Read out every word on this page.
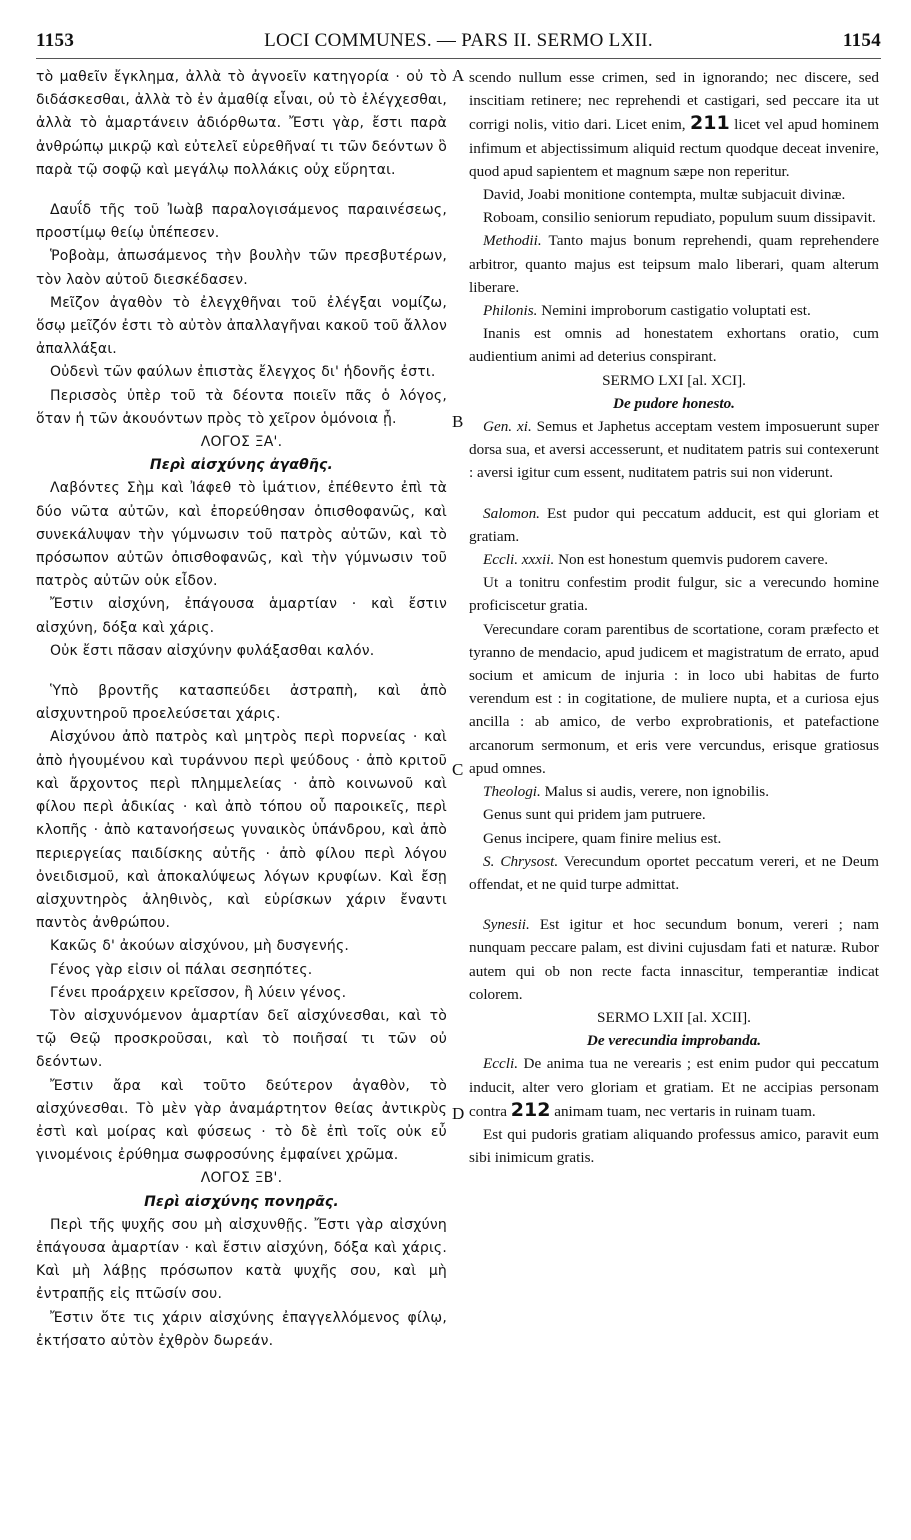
1153	LOCI COMMUNES. — PARS II. SERMO LXII.	1154
A
B
C
D

τὸ μαθεῖν ἔγκλημα, ἀλλὰ τὸ ἀγνοεῖν κατηγορία · οὐ τὸ διδάσκεσθαι, ἀλλὰ τὸ ἐν ἀμαθίᾳ εἶναι, οὐ τὸ ἐλέγχεσθαι, ἀλλὰ τὸ ἁμαρτάνειν ἀδιόρθωτα. Ἔστι γὰρ, ἔστι παρὰ ἀνθρώπῳ μικρῷ καὶ εὐτελεῖ εὑρεθῆναί τι τῶν δεόντων ὃ παρὰ τῷ σοφῷ καὶ μεγάλῳ πολλάκις οὐχ εὕρηται.

Δαυΐδ τῆς τοῦ Ἰωὰβ παραλογισάμενος παραινέσεως, προστίμῳ θείῳ ὑπέπεσεν.

Ῥοβοὰμ, ἀπωσάμενος τὴν βουλὴν τῶν πρεσβυτέρων, τὸν λαὸν αὐτοῦ διεσκέδασεν.

Μεῖζον ἀγαθὸν τὸ ἐλεγχθῆναι τοῦ ἐλέγξαι νομίζω, ὅσῳ μεῖζόν ἐστι τὸ αὐτὸν ἀπαλλαγῆναι κακοῦ τοῦ ἄλλον ἀπαλλάξαι.

Οὐδενὶ τῶν φαύλων ἐπιστὰς ἔλεγχος δι' ἡδονῆς ἐστι.

Περισσὸς ὑπὲρ τοῦ τὰ δέοντα ποιεῖν πᾶς ὁ λόγος, ὅταν ἡ τῶν ἀκουόντων πρὸς τὸ χεῖρον ὁμόνοια ᾖ.

ΛΟΓΟΣ ΞΑ'.

Περὶ αἰσχύνης ἀγαθῆς.

Λαβόντες Σὴμ καὶ Ἰάφεθ τὸ ἱμάτιον, ἐπέθεντο ἐπὶ τὰ δύο νῶτα αὐτῶν, καὶ ἐπορεύθησαν ὀπισθοφανῶς, καὶ συνεκάλυψαν τὴν γύμνωσιν τοῦ πατρὸς αὐτῶν, καὶ τὸ πρόσωπον αὐτῶν ὀπισθοφανῶς, καὶ τὴν γύμνωσιν τοῦ πατρὸς αὐτῶν οὐκ εἶδον.

Ἔστιν αἰσχύνη, ἐπάγουσα ἁμαρτίαν · καὶ ἔστιν αἰσχύνη, δόξα καὶ χάρις.

Οὐκ ἔστι πᾶσαν αἰσχύνην φυλάξασθαι καλόν.

Ὑπὸ βροντῆς κατασπεύδει ἀστραπὴ, καὶ ἀπὸ αἰσχυντηροῦ προελεύσεται χάρις.

Αἰσχύνου ἀπὸ πατρὸς καὶ μητρὸς περὶ πορνείας · καὶ ἀπὸ ἡγουμένου καὶ τυράννου περὶ ψεύδους · ἀπὸ κριτοῦ καὶ ἄρχοντος περὶ πλημμελείας · ἀπὸ κοινωνοῦ καὶ φίλου περὶ ἀδικίας · καὶ ἀπὸ τόπου οὗ παροικεῖς, περὶ κλοπῆς · ἀπὸ κατανοήσεως γυναικὸς ὑπάνδρου, καὶ ἀπὸ περιεργείας παιδίσκης αὐτῆς · ἀπὸ φίλου περὶ λόγου ὀνειδισμοῦ, καὶ ἀποκαλύψεως λόγων κρυφίων. Καὶ ἔσῃ αἰσχυντηρὸς ἀληθινὸς, καὶ εὑρίσκων χάριν ἔναντι παντὸς ἀνθρώπου.

Κακῶς δ' ἀκούων αἰσχύνου, μὴ δυσγενής.

Γένος γὰρ εἰσιν οἱ πάλαι σεσηπότες.

Γένει προάρχειν κρεῖσσον, ἢ λύειν γένος.

Τὸν αἰσχυνόμενον ἁμαρτίαν δεῖ αἰσχύνεσθαι, καὶ τὸ τῷ Θεῷ προσκροῦσαι, καὶ τὸ ποιῆσαί τι τῶν οὐ δεόντων.

Ἔστιν ἄρα καὶ τοῦτο δεύτερον ἀγαθὸν, τὸ αἰσχύνεσθαι. Τὸ μὲν γὰρ ἀναμάρτητον θείας ἀντικρὺς ἐστὶ καὶ μοίρας καὶ φύσεως · τὸ δὲ ἐπὶ τοῖς οὐκ εὖ γινομένοις ἐρύθημα σωφροσύνης ἐμφαίνει χρῶμα.

ΛΟΓΟΣ ΞΒ'.

Περὶ αἰσχύνης πονηρᾶς.

Περὶ τῆς ψυχῆς σου μὴ αἰσχυνθῇς. Ἔστι γὰρ αἰσχύνη ἐπάγουσα ἁμαρτίαν · καὶ ἔστιν αἰσχύνη, δόξα καὶ χάρις. Καὶ μὴ λάβῃς πρόσωπον κατὰ ψυχῆς σου, καὶ μὴ ἐντραπῇς εἰς πτῶσίν σου.

Ἔστιν ὅτε τις χάριν αἰσχύνης ἐπαγγελλόμενος φίλῳ, ἐκτήσατο αὐτὸν ἐχθρὸν δωρεάν.

scendo nullum esse crimen, sed in ignorando; nec discere, sed inscitiam retinere; nec reprehendi et castigari, sed peccare ita ut corrigi nolis, vitio dari. Licet enim, 211 licet vel apud hominem infimum et abjectissimum aliquid rectum quodque deceat invenire, quod apud sapientem et magnum sæpe non reperitur.

David, Joabi monitione contempta, multæ subjacuit divinæ.

Roboam, consilio seniorum repudiato, populum suum dissipavit.

Methodii. Tanto majus bonum reprehendi, quam reprehendere arbitror, quanto majus est teipsum malo liberari, quam alterum liberare.

Philonis. Nemini improborum castigatio voluptati est.

Inanis est omnis ad honestatem exhortans oratio, cum audientium animi ad deterius conspirant.

SERMO LXI [al. XCI].

De pudore honesto.

Gen. xi. Semus et Japhetus acceptam vestem imposuerunt super dorsa sua, et aversi accesserunt, et nuditatem patris sui contexerunt : aversi igitur cum essent, nuditatem patris sui non viderunt.

Salomon. Est pudor qui peccatum adducit, est qui gloriam et gratiam.

Eccli. xxxii. Non est honestum quemvis pudorem cavere.

Ut a tonitru confestim prodit fulgur, sic a verecundo homine proficiscetur gratia.

Verecundare coram parentibus de scortatione, coram præfecto et tyranno de mendacio, apud judicem et magistratum de errato, apud socium et amicum de injuria : in loco ubi habitas de furto verendum est : in cogitatione, de muliere nupta, et a curiosa ejus ancilla : ab amico, de verbo exprobrationis, et patefactione arcanorum sermonum, et eris vere vercundus, erisque gratiosus apud omnes.

Theologi. Malus si audis, verere, non ignobilis.

Genus sunt qui pridem jam putruere.

Genus incipere, quam finire melius est.

S. Chrysost. Verecundum oportet peccatum vereri, et ne Deum offendat, et ne quid turpe admittat.

Synesii. Est igitur et hoc secundum bonum, vereri ; nam nunquam peccare palam, est divini cujusdam fati et naturæ. Rubor autem qui ob non recte facta innascitur, temperantiæ indicat colorem.

SERMO LXII [al. XCII].

De verecundia improbanda.

Eccli. De anima tua ne verearis ; est enim pudor qui peccatum inducit, alter vero gloriam et gratiam. Et ne accipias personam contra 212 animam tuam, nec vertaris in ruinam tuam.

Est qui pudoris gratiam aliquando professus amico, paravit eum sibi inimicum gratis.
